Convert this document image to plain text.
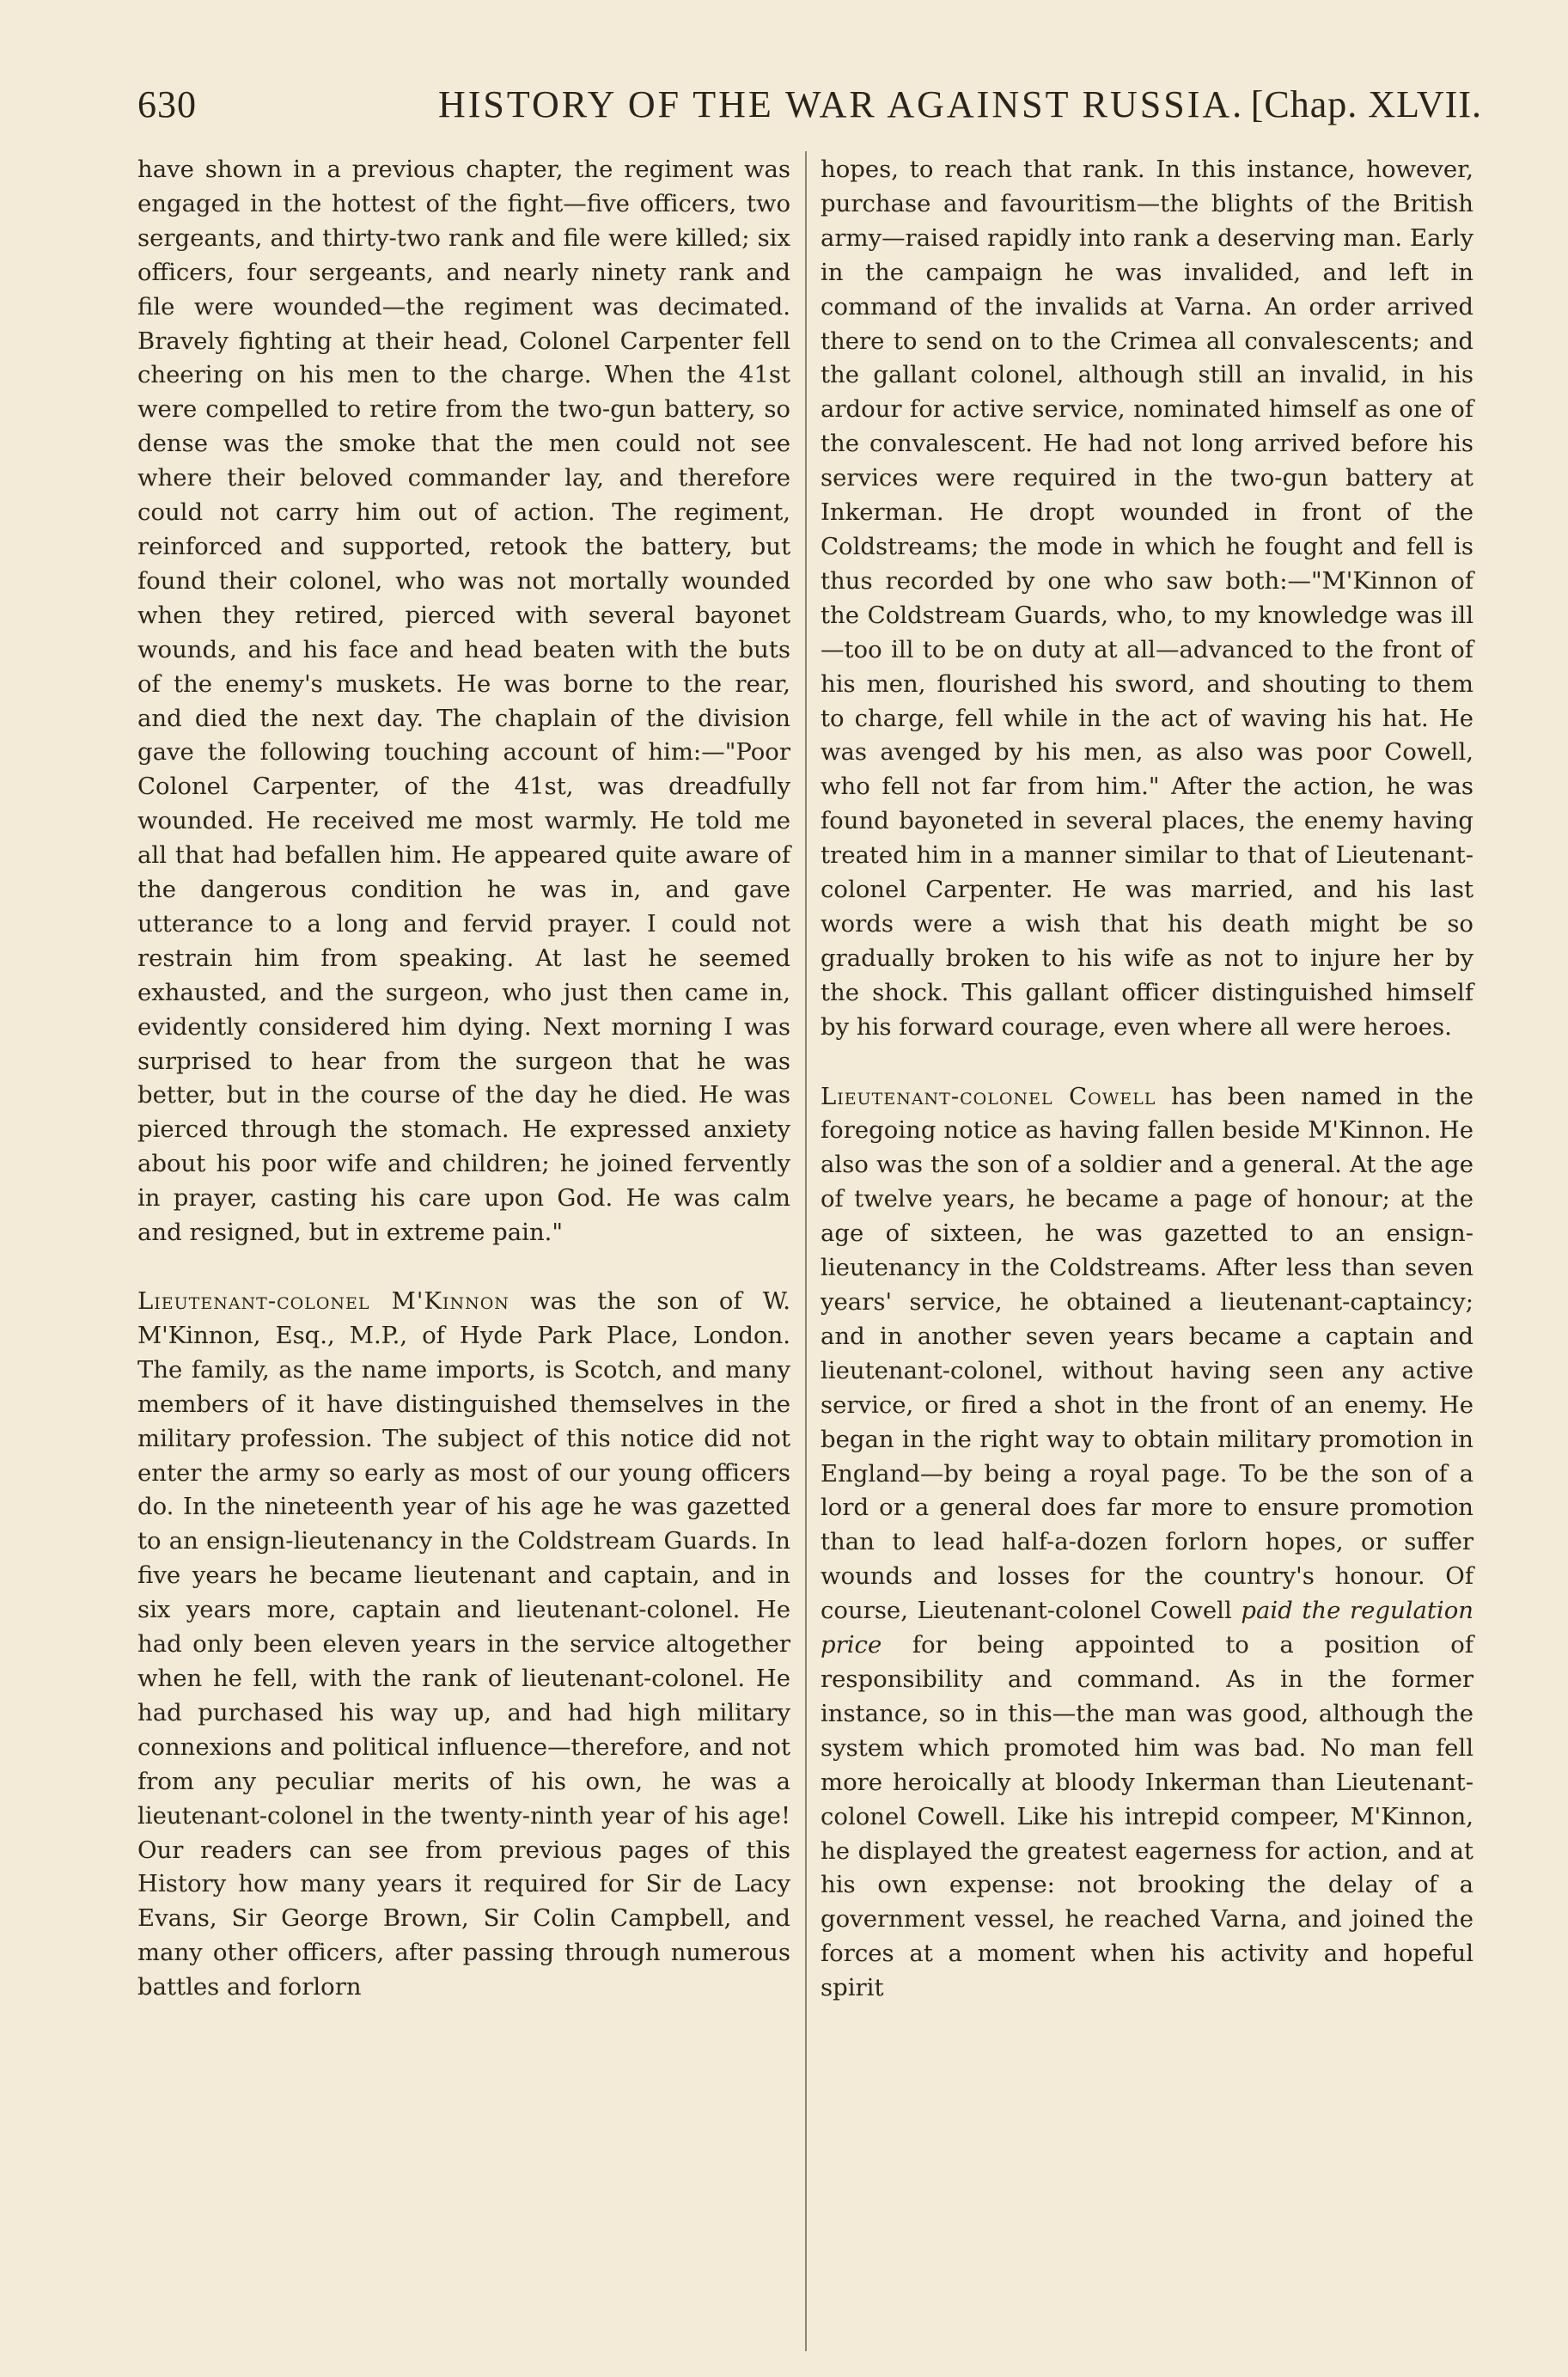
630	HISTORY OF THE WAR AGAINST RUSSIA. [Chap. XLVII.

have shown in a previous chapter, the regiment was engaged in the hottest of the fight—five officers, two sergeants, and thirty-two rank and file were killed; six officers, four sergeants, and nearly ninety rank and file were wounded—the regiment was decimated. Bravely fighting at their head, Colonel Carpenter fell cheering on his men to the charge. When the 41st were compelled to retire from the two-gun battery, so dense was the smoke that the men could not see where their beloved commander lay, and therefore could not carry him out of action. The regiment, reinforced and supported, retook the battery, but found their colonel, who was not mortally wounded when they retired, pierced with several bayonet wounds, and his face and head beaten with the buts of the enemy's muskets. He was borne to the rear, and died the next day. The chaplain of the division gave the following touching account of him:—"Poor Colonel Carpenter, of the 41st, was dreadfully wounded. He received me most warmly. He told me all that had befallen him. He appeared quite aware of the dangerous condition he was in, and gave utterance to a long and fervid prayer. I could not restrain him from speaking. At last he seemed exhausted, and the surgeon, who just then came in, evidently considered him dying. Next morning I was surprised to hear from the surgeon that he was better, but in the course of the day he died. He was pierced through the stomach. He expressed anxiety about his poor wife and children; he joined fervently in prayer, casting his care upon God. He was calm and resigned, but in extreme pain."

Lieutenant-colonel M'Kinnon was the son of W. M'Kinnon, Esq., M.P., of Hyde Park Place, London. The family, as the name imports, is Scotch, and many members of it have distinguished themselves in the military profession. The subject of this notice did not enter the army so early as most of our young officers do. In the nineteenth year of his age he was gazetted to an ensign-lieutenancy in the Coldstream Guards. In five years he became lieutenant and captain, and in six years more, captain and lieutenant-colonel. He had only been eleven years in the service altogether when he fell, with the rank of lieutenant-colonel. He had purchased his way up, and had high military connexions and political influence—therefore, and not from any peculiar merits of his own, he was a lieutenant-colonel in the twenty-ninth year of his age! Our readers can see from previous pages of this History how many years it required for Sir de Lacy Evans, Sir George Brown, Sir Colin Campbell, and many other officers, after passing through numerous battles and forlorn

hopes, to reach that rank. In this instance, however, purchase and favouritism—the blights of the British army—raised rapidly into rank a deserving man. Early in the campaign he was invalided, and left in command of the invalids at Varna. An order arrived there to send on to the Crimea all convalescents; and the gallant colonel, although still an invalid, in his ardour for active service, nominated himself as one of the convalescent. He had not long arrived before his services were required in the two-gun battery at Inkerman. He dropt wounded in front of the Coldstreams; the mode in which he fought and fell is thus recorded by one who saw both:—"M'Kinnon of the Coldstream Guards, who, to my knowledge was ill—too ill to be on duty at all—advanced to the front of his men, flourished his sword, and shouting to them to charge, fell while in the act of waving his hat. He was avenged by his men, as also was poor Cowell, who fell not far from him." After the action, he was found bayoneted in several places, the enemy having treated him in a manner similar to that of Lieutenant-colonel Carpenter. He was married, and his last words were a wish that his death might be so gradually broken to his wife as not to injure her by the shock. This gallant officer distinguished himself by his forward courage, even where all were heroes.

Lieutenant-colonel Cowell has been named in the foregoing notice as having fallen beside M'Kinnon. He also was the son of a soldier and a general. At the age of twelve years, he became a page of honour; at the age of sixteen, he was gazetted to an ensign-lieutenancy in the Coldstreams. After less than seven years' service, he obtained a lieutenant-captaincy; and in another seven years became a captain and lieutenant-colonel, without having seen any active service, or fired a shot in the front of an enemy. He began in the right way to obtain military promotion in England—by being a royal page. To be the son of a lord or a general does far more to ensure promotion than to lead half-a-dozen forlorn hopes, or suffer wounds and losses for the country's honour. Of course, Lieutenant-colonel Cowell paid the regulation price for being appointed to a position of responsibility and command. As in the former instance, so in this—the man was good, although the system which promoted him was bad. No man fell more heroically at bloody Inkerman than Lieutenant-colonel Cowell. Like his intrepid compeer, M'Kinnon, he displayed the greatest eagerness for action, and at his own expense: not brooking the delay of a government vessel, he reached Varna, and joined the forces at a moment when his activity and hopeful spirit
